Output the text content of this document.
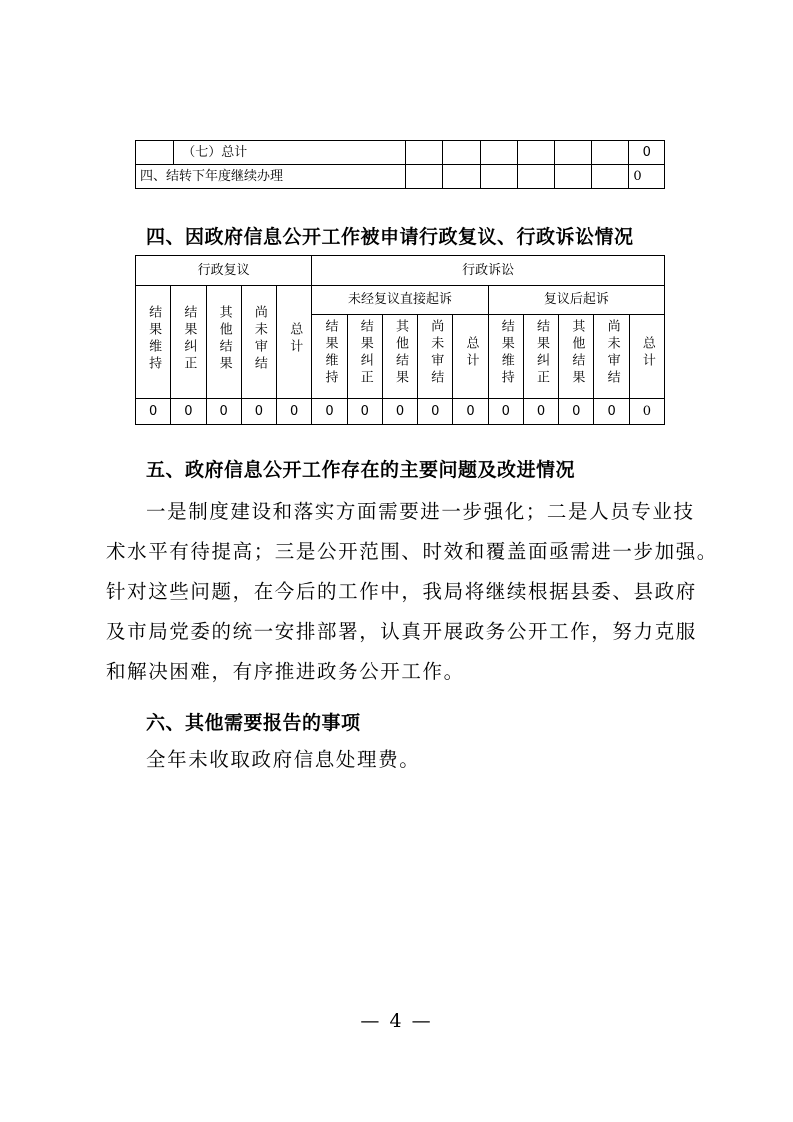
	（七）总计							0
四、结转下年度继续办理								0
四、因政府信息公开工作被申请行政复议、行政诉讼情况
行政复议					行政诉讼									
结果维持	结果纠正	其他结果	尚未审结	总计	未经复议直接起诉					复议后起诉				
					结果维持	结果纠正	其他结果	尚未审结	总计	结果维持	结果纠正	其他结果	尚未审结	总计
0	0	0	0	0	0	0	0	0	0	0	0	0	0	0
五、政府信息公开工作存在的主要问题及改进情况

一是制度建设和落实方面需要进一步强化；二是人员专业技

术水平有待提高；三是公开范围、时效和覆盖面亟需进一步加强。

针对这些问题，在今后的工作中，我局将继续根据县委、县政府

及市局党委的统一安排部署，认真开展政务公开工作，努力克服

和解决困难，有序推进政务公开工作。

六、其他需要报告的事项

全年未收取政府信息处理费。

— 4 —
